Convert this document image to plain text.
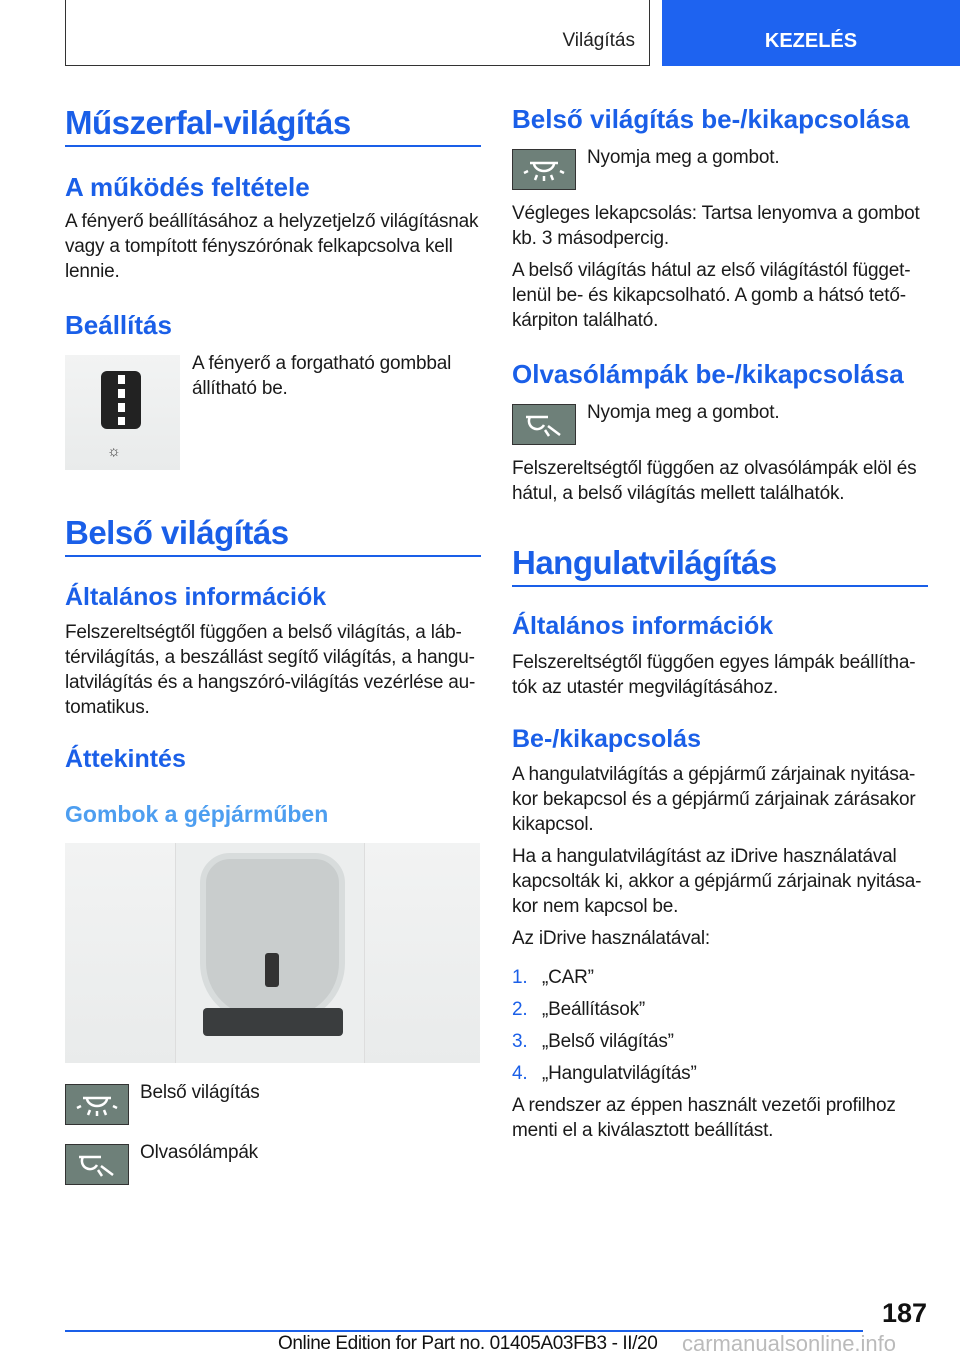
Világítás	KEZELÉS
Műszerfal-világítás
A működés feltétele
A fényerő beállításához a helyzetjelző világításnak vagy a tompított fényszórónak felkapcsolva kell lennie.
Beállítás
☼
A fényerő a forgatható gombbal állítható be.
Belső világítás
Általános információk
Felszereltségtől függően a belső világítás, a lábtérvilágítás, a beszállást segítő világítás, a hangulatvilágítás és a hangszóró-világítás vezérlése automatikus.
Áttekintés
Gombok a gépjárműben
Belső világítás
Olvasólámpák
Belső világítás be-/kikapcsolása
Nyomja meg a gombot.
Végleges lekapcsolás: Tartsa lenyomva a gombot kb. 3 másodpercig.
A belső világítás hátul az első világítástól függetlenül be- és kikapcsolható. A gomb a hátsó tetőkárpiton található.
Olvasólámpák be-/kikapcsolása
Nyomja meg a gombot.
Felszereltségtől függően az olvasólámpák elöl és hátul, a belső világítás mellett találhatók.
Hangulatvilágítás
Általános információk
Felszereltségtől függően egyes lámpák beállíthatók az utastér megvilágításához.
Be-/kikapcsolás
A hangulatvilágítás a gépjármű zárjainak nyitásakor bekapcsol és a gépjármű zárjainak zárásakor kikapcsol.
Ha a hangulatvilágítást az iDrive használatával kapcsolták ki, akkor a gépjármű zárjainak nyitásakor nem kapcsol be.
Az iDrive használatával:
1. „CAR”
2. „Beállítások”
3. „Belső világítás”
4. „Hangulatvilágítás”
A rendszer az éppen használt vezetői profilhoz menti el a kiválasztott beállítást.
187
Online Edition for Part no. 01405A03FB3 - II/20 carmanualsonline.info
